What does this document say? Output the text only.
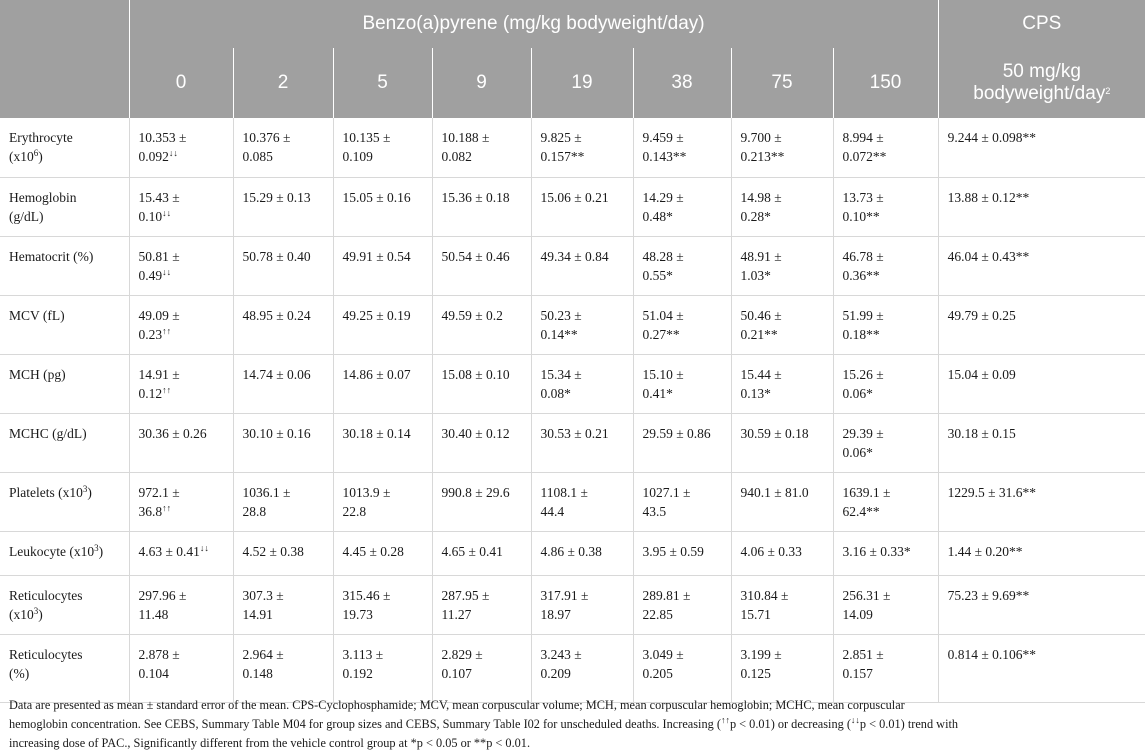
	Benzo(a)pyrene (mg/kg bodyweight/day)								CPS
	0	2	5	9	19	38	75	150	50 mg/kg
bodyweight/day$^2$
Erythrocyte
$(x10^6)$	10.353 ±
0.092↓↓	10.376 ±
0.085	10.135 ±
0.109	10.188 ±
0.082	9.825 ±
0.157**	9.459 ±
0.143**	9.700 ±
0.213**	8.994 ±
0.072**	9.244 ± 0.098**
Hemoglobin
(g/dL)	15.43 ±
0.10↓↓	15.29 ± 0.13	15.05 ± 0.16	15.36 ± 0.18	15.06 ± 0.21	14.29 ±
0.48*	14.98 ±
0.28*	13.73 ±
0.10**	13.88 ± 0.12**
Hematocrit (%)	50.81 ±
0.49↓↓	50.78 ± 0.40	49.91 ± 0.54	50.54 ± 0.46	49.34 ± 0.84	48.28 ±
0.55*	48.91 ±
1.03*	46.78 ±
0.36**	46.04 ± 0.43**
MCV (fL)	49.09 ±
0.23↑↑	48.95 ± 0.24	49.25 ± 0.19	49.59 ± 0.2	50.23 ±
0.14**	51.04 ±
0.27**	50.46 ±
0.21**	51.99 ±
0.18**	49.79 ± 0.25
MCH (pg)	14.91 ±
0.12↑↑	14.74 ± 0.06	14.86 ± 0.07	15.08 ± 0.10	15.34 ±
0.08*	15.10 ±
0.41*	15.44 ±
0.13*	15.26 ±
0.06*	15.04 ± 0.09
MCHC (g/dL)	30.36 ± 0.26	30.10 ± 0.16	30.18 ± 0.14	30.40 ± 0.12	30.53 ± 0.21	29.59 ± 0.86	30.59 ± 0.18	29.39 ±
0.06*	30.18 ± 0.15
Platelets $(x10^3)$	972.1 ±
36.8↑↑	1036.1 ±
28.8	1013.9 ±
22.8	990.8 ± 29.6	1108.1 ±
44.4	1027.1 ±
43.5	940.1 ± 81.0	1639.1 ±
62.4**	1229.5 ± 31.6**
Leukocyte $(x10^3)$	4.63 ± 0.41↓↓	4.52 ± 0.38	4.45 ± 0.28	4.65 ± 0.41	4.86 ± 0.38	3.95 ± 0.59	4.06 ± 0.33	3.16 ± 0.33*	1.44 ± 0.20**
Reticulocytes
$(x10^3)$	297.96 ±
11.48	307.3 ±
14.91	315.46 ±
19.73	287.95 ±
11.27	317.91 ±
18.97	289.81 ±
22.85	310.84 ±
15.71	256.31 ±
14.09	75.23 ± 9.69**
Reticulocytes
(%)	2.878 ±
0.104	2.964 ±
0.148	3.113 ±
0.192	2.829 ±
0.107	3.243 ±
0.209	3.049 ±
0.205	3.199 ±
0.125	2.851 ±
0.157	0.814 ± 0.106**
Data are presented as mean ± standard error of the mean. CPS-Cyclophosphamide; MCV, mean corpuscular volume; MCH, mean corpuscular hemoglobin; MCHC, mean corpuscular
hemoglobin concentration. See CEBS, Summary Table M04 for group sizes and CEBS, Summary Table I02 for unscheduled deaths. Increasing (↑↑p < 0.01) or decreasing (↓↓p < 0.01) trend with
increasing dose of PAC., Significantly different from the vehicle control group at *p < 0.05 or **p < 0.01.
